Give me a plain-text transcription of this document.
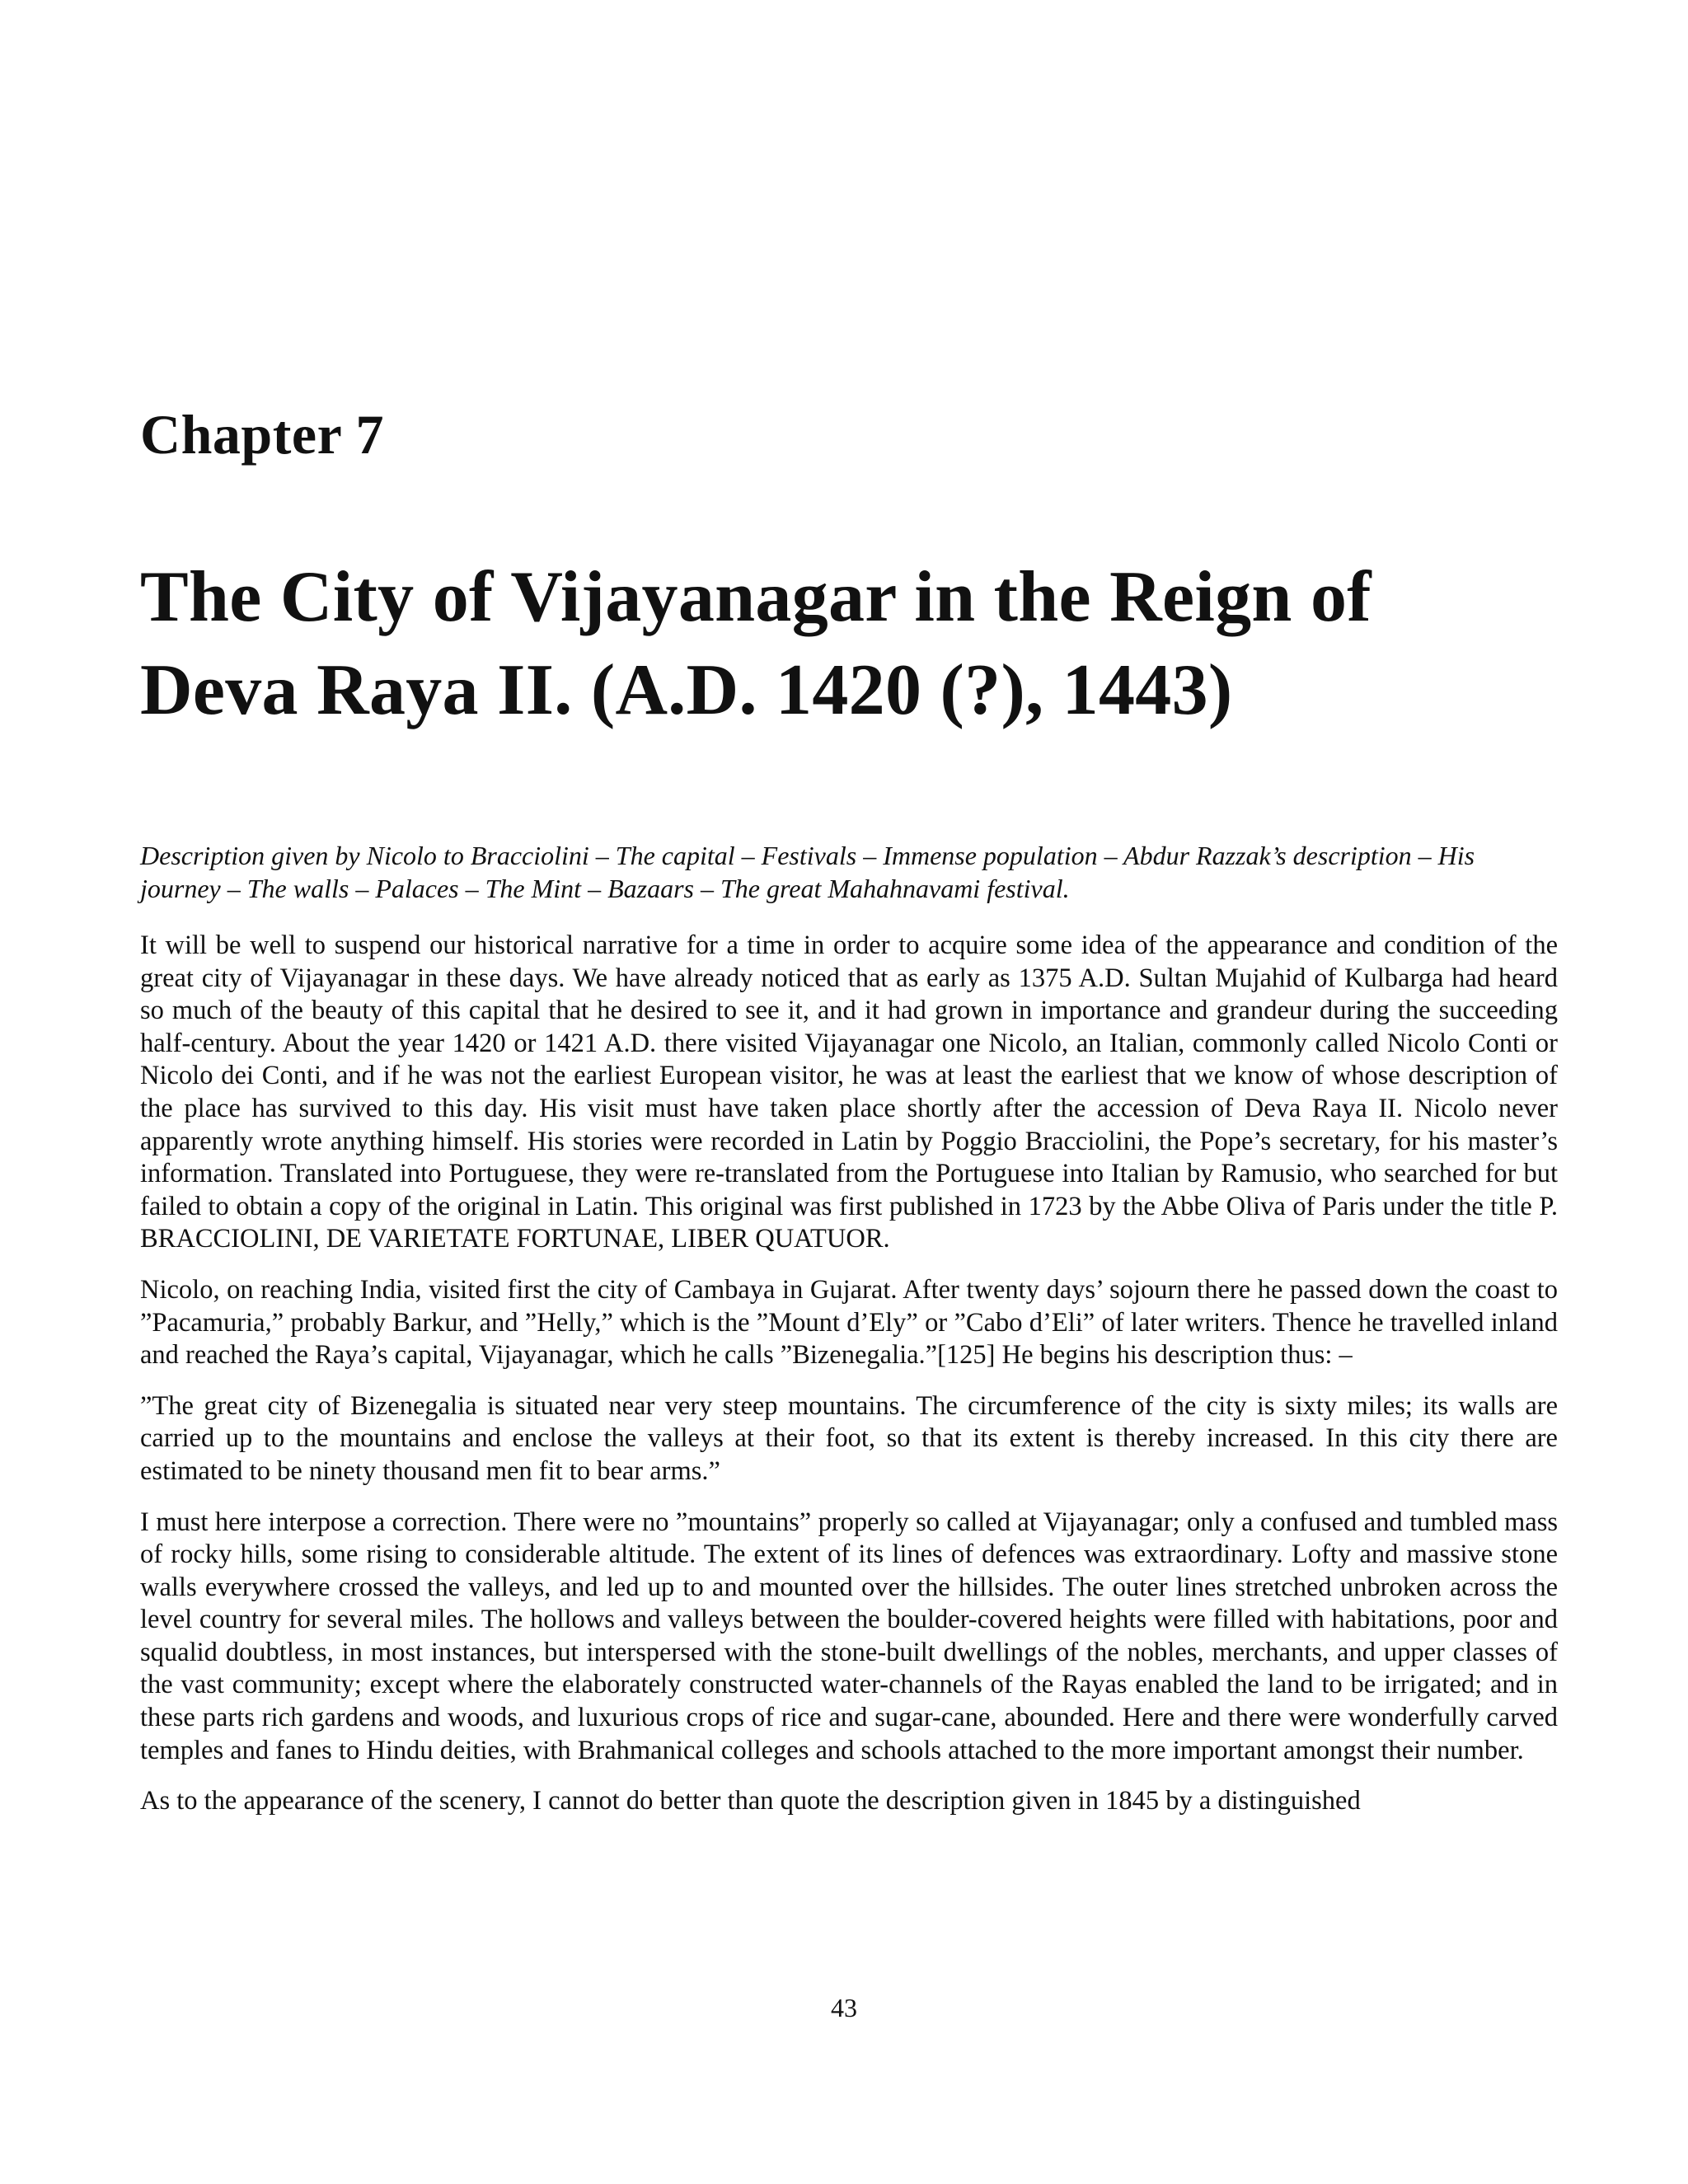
Chapter 7
The City of Vijayanagar in the Reign of
Deva Raya II. (A.D. 1420 (?), 1443)

Description given by Nicolo to Bracciolini – The capital – Festivals – Immense population – Abdur Razzak’s description – His journey – The walls – Palaces – The Mint – Bazaars – The great Mahahnavami festival.

It will be well to suspend our historical narrative for a time in order to acquire some idea of the appearance and condition of the great city of Vijayanagar in these days. We have already noticed that as early as 1375 A.D. Sultan Mujahid of Kulbarga had heard so much of the beauty of this capital that he desired to see it, and it had grown in importance and grandeur during the succeeding half-century. About the year 1420 or 1421 A.D. there visited Vijayanagar one Nicolo, an Italian, commonly called Nicolo Conti or Nicolo dei Conti, and if he was not the earliest European visitor, he was at least the earliest that we know of whose description of the place has survived to this day. His visit must have taken place shortly after the accession of Deva Raya II. Nicolo never apparently wrote anything himself. His stories were recorded in Latin by Poggio Bracciolini, the Pope’s secretary, for his master’s information. Translated into Portuguese, they were re-translated from the Portuguese into Italian by Ramusio, who searched for but failed to obtain a copy of the original in Latin. This original was first published in 1723 by the Abbe Oliva of Paris under the title P. BRACCIOLINI, DE VARIETATE FORTUNAE, LIBER QUATUOR.

Nicolo, on reaching India, visited first the city of Cambaya in Gujarat. After twenty days’ sojourn there he passed down the coast to ”Pacamuria,” probably Barkur, and ”Helly,” which is the ”Mount d’Ely” or ”Cabo d’Eli” of later writers. Thence he travelled inland and reached the Raya’s capital, Vijayanagar, which he calls ”Bizenegalia.”[125] He begins his description thus: –

”The great city of Bizenegalia is situated near very steep mountains. The circumference of the city is sixty miles; its walls are carried up to the mountains and enclose the valleys at their foot, so that its extent is thereby increased. In this city there are estimated to be ninety thousand men fit to bear arms.”

I must here interpose a correction. There were no ”mountains” properly so called at Vijayanagar; only a confused and tumbled mass of rocky hills, some rising to considerable altitude. The extent of its lines of defences was extraordinary. Lofty and massive stone walls everywhere crossed the valleys, and led up to and mounted over the hillsides. The outer lines stretched unbroken across the level country for several miles. The hollows and valleys between the boulder-covered heights were filled with habitations, poor and squalid doubtless, in most instances, but interspersed with the stone-built dwellings of the nobles, merchants, and upper classes of the vast community; except where the elaborately constructed water-channels of the Rayas enabled the land to be irrigated; and in these parts rich gardens and woods, and luxurious crops of rice and sugar-cane, abounded. Here and there were wonderfully carved temples and fanes to Hindu deities, with Brahmanical colleges and schools attached to the more important amongst their number.

As to the appearance of the scenery, I cannot do better than quote the description given in 1845 by a distinguished

43
